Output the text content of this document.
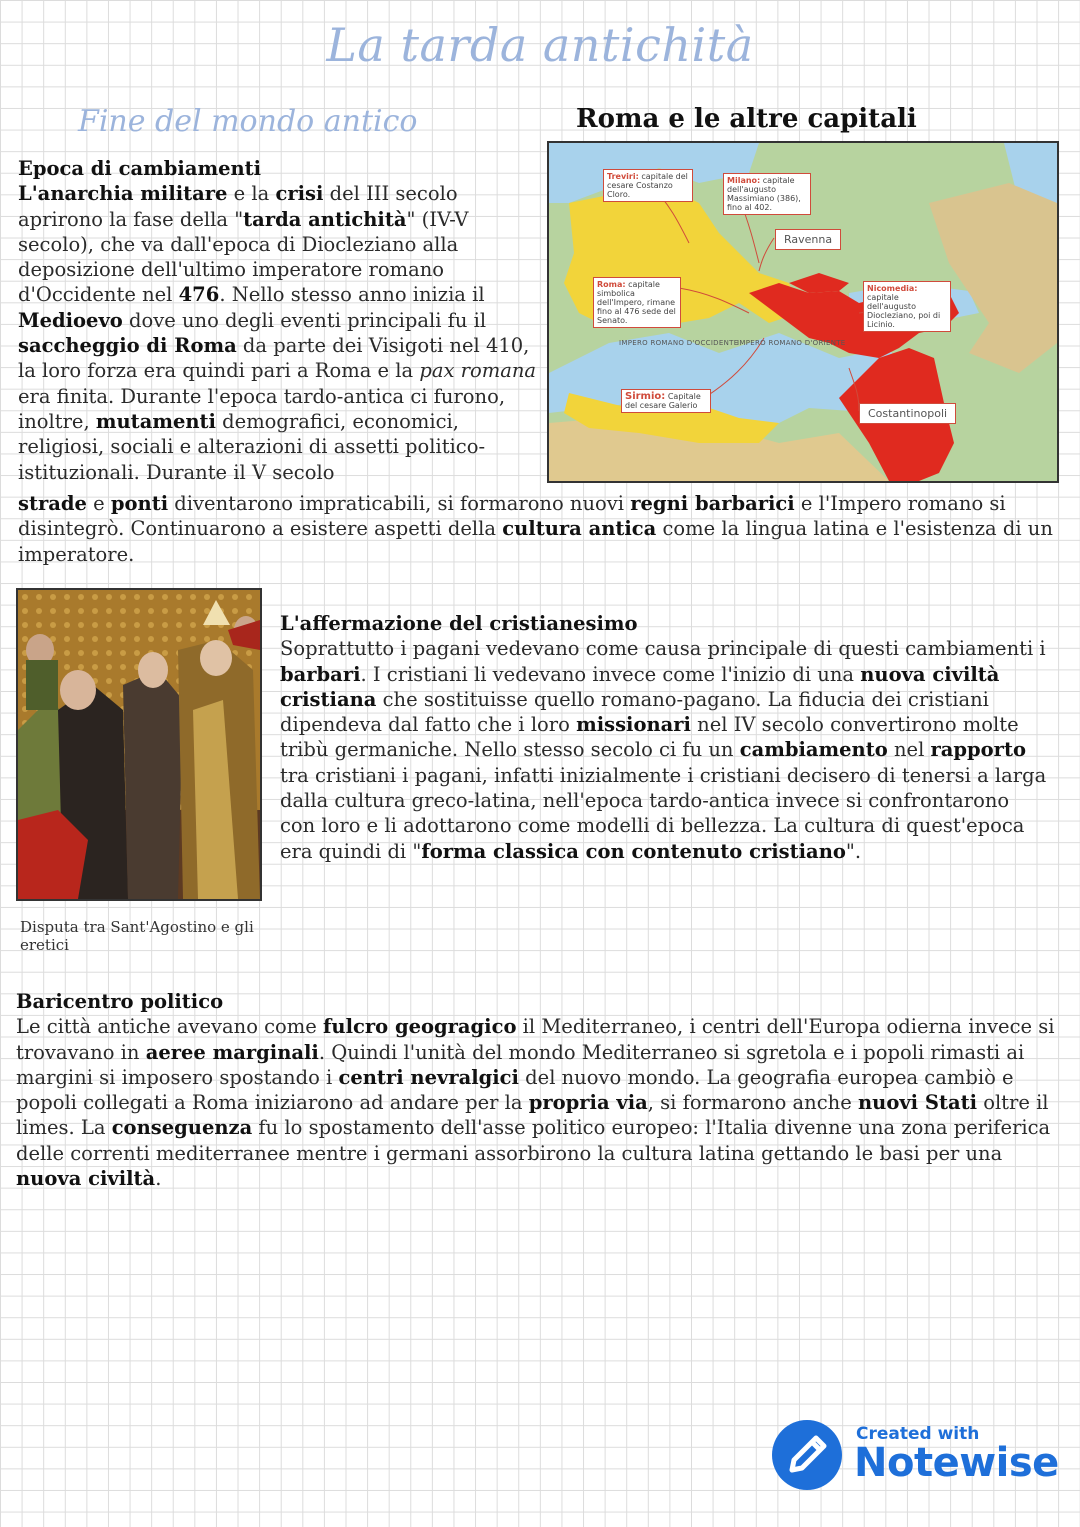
La tarda antichità
Fine del mondo antico	Roma e le altre capitali

Epoca di cambiamenti
L'anarchia militare e la crisi del III secolo aprirono la fase della "tarda antichità" (IV-V secolo), che va dall'epoca di Diocleziano alla deposizione dell'ultimo imperatore romano d'Occidente nel 476. Nello stesso anno inizia il Medioevo dove uno degli eventi principali fu il saccheggio di Roma da parte dei Visigoti nel 410, la loro forza era quindi pari a Roma e la pax romana era finita. Durante l'epoca tardo-antica ci furono, inoltre, mutamenti demografici, economici, religiosi, sociali e alterazioni di assetti politico-istituzionali. Durante il V secolo

strade e ponti diventarono impraticabili, si formarono nuovi regni barbarici e l'Impero romano si disintegrò. Continuarono a esistere aspetti della cultura antica come la lingua latina e l'esistenza di un imperatore.

Treviri: capitale del cesare Costanzo Cloro.
Milano: capitale dell'augusto Massimiano (386), fino al 402.
Roma: capitale simbolica dell'Impero, rimane fino al 476 sede del Senato.
Nicomedia: capitale dell'augusto Diocleziano, poi di Licinio.
Sirmio: Capitale del cesare Galerio
Ravenna
Costantinopoli
IMPERO ROMANO D'OCCIDENTE
IMPERO ROMANO D'ORIENTE
Disputa tra Sant'Agostino e gli eretici

L'affermazione del cristianesimo
Soprattutto i pagani vedevano come causa principale di questi cambiamenti i barbari. I cristiani li vedevano invece come l'inizio di una nuova civiltà cristiana che sostituisse quello romano-pagano. La fiducia dei cristiani dipendeva dal fatto che i loro missionari nel IV secolo convertirono molte tribù germaniche. Nello stesso secolo ci fu un cambiamento nel rapporto tra cristiani i pagani, infatti inizialmente i cristiani decisero di tenersi a larga dalla cultura greco-latina, nell'epoca tardo-antica invece si confrontarono con loro e li adottarono come modelli di bellezza. La cultura di quest'epoca era quindi di "forma classica con contenuto cristiano".

Baricentro politico
Le città antiche avevano come fulcro geogragico il Mediterraneo, i centri dell'Europa odierna invece si trovavano in aeree marginali. Quindi l'unità del mondo Mediterraneo si sgretola e i popoli rimasti ai margini si imposero spostando i centri nevralgici del nuovo mondo. La geografia europea cambiò e popoli collegati a Roma iniziarono ad andare per la propria via, si formarono anche nuovi Stati oltre il limes. La conseguenza fu lo spostamento dell'asse politico europeo: l'Italia divenne una zona periferica delle correnti mediterranee mentre i germani assorbirono la cultura latina gettando le basi per una nuova civiltà.

Created with
Notewise
